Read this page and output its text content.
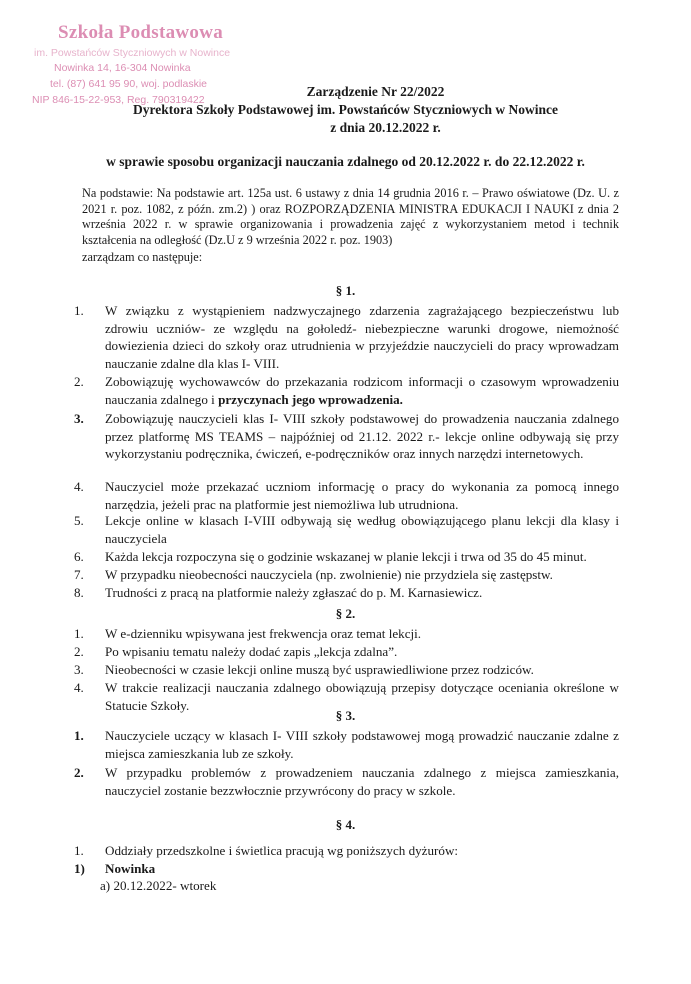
Szkoła Podstawowa
im. Powstańców Styczniowych w Nowince
Nowinka 14, 16-304 Nowinka
tel. (87) 641 95 90, woj. podlaskie
NIP 846-15-22-953, Reg. 790319422
Zarządzenie Nr 22/2022
Dyrektora Szkoły Podstawowej im. Powstańców Styczniowych w Nowince
z dnia 20.12.2022 r.
w sprawie sposobu organizacji nauczania zdalnego od 20.12.2022 r. do 22.12.2022 r.
Na podstawie: Na podstawie art. 125a ust. 6 ustawy z dnia 14 grudnia 2016 r. – Prawo oświatowe (Dz. U. z 2021 r. poz. 1082, z późn. zm.2) ) oraz ROZPORZĄDZENIA MINISTRA EDUKACJI I NAUKI z dnia 2 września 2022 r. w sprawie organizowania i prowadzenia zajęć z wykorzystaniem metod i technik kształcenia na odległość (Dz.U z 9 września 2022 r. poz. 1903)
zarządzam co następuje:
§ 1.
1.	W związku z wystąpieniem nadzwyczajnego zdarzenia zagrażającego bezpieczeństwu lub zdrowiu uczniów- ze względu na gołoledź- niebezpieczne warunki drogowe, niemożność dowiezienia dzieci do szkoły oraz utrudnienia w przyjeździe nauczycieli do pracy wprowadzam nauczanie zdalne dla klas I- VIII.
2.	Zobowiązuję wychowawców do przekazania rodzicom informacji o czasowym wprowadzeniu nauczania zdalnego i przyczynach jego wprowadzenia.
3.	Zobowiązuję nauczycieli klas I- VIII szkoły podstawowej do prowadzenia nauczania zdalnego przez platformę MS TEAMS – najpóźniej od 21.12. 2022 r.- lekcje online odbywają się przy wykorzystaniu podręcznika, ćwiczeń, e-podręczników oraz innych narzędzi internetowych.
4.	Nauczyciel może przekazać uczniom informację o pracy do wykonania za pomocą innego narzędzia, jeżeli prac na platformie jest niemożliwa lub utrudniona.
5.	Lekcje online w klasach I-VIII odbywają się według obowiązującego planu lekcji dla klasy i nauczyciela
6.	Każda lekcja rozpoczyna się o godzinie wskazanej w planie lekcji i trwa od 35 do 45 minut.
7.	W przypadku nieobecności nauczyciela (np. zwolnienie) nie przydziela się zastępstw.
8.	Trudności z pracą na platformie należy zgłaszać do p. M. Karnasiewicz.
§ 2.
1.	W e-dzienniku wpisywana jest frekwencja oraz temat lekcji.
2.	Po wpisaniu tematu należy dodać zapis „lekcja zdalna”.
3.	Nieobecności w czasie lekcji online muszą być usprawiedliwione przez rodziców.
4.	W trakcie realizacji nauczania zdalnego obowiązują przepisy dotyczące oceniania określone w Statucie Szkoły.
§ 3.
1.	Nauczyciele uczący w klasach I- VIII szkoły podstawowej mogą prowadzić nauczanie zdalne z miejsca zamieszkania lub ze szkoły.
2.	W przypadku problemów z prowadzeniem nauczania zdalnego z miejsca zamieszkania, nauczyciel zostanie bezzwłocznie przywrócony do pracy w szkole.
§ 4.
1.	Oddziały przedszkolne i świetlica pracują wg poniższych dyżurów:
1)	Nowinka
a) 20.12.2022- wtorek
